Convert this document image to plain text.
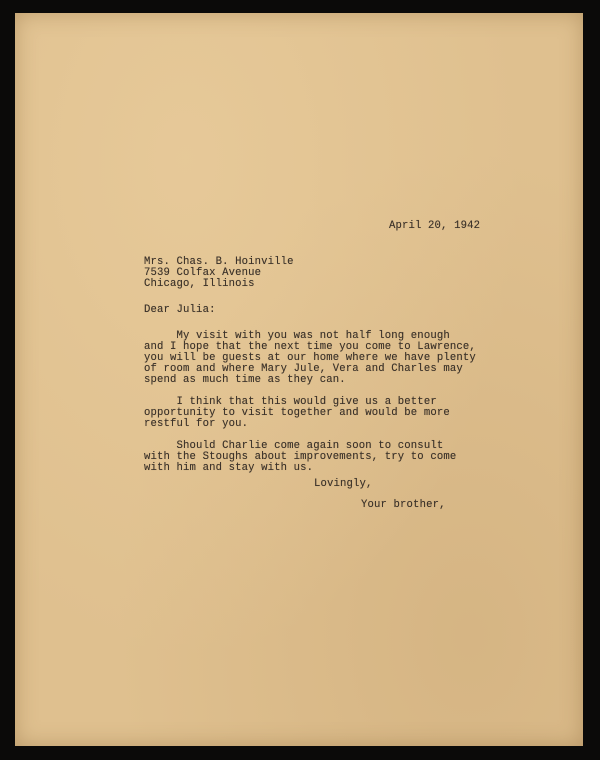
April 20, 1942
Mrs. Chas. B. Hoinville
7539 Colfax Avenue
Chicago, Illinois
Dear Julia:
My visit with you was not half long enough
and I hope that the next time you come to Lawrence,
you will be guests at our home where we have plenty
of room and where Mary Jule, Vera and Charles may
spend as much time as they can.
I think that this would give us a better
opportunity to visit together and would be more
restful for you.
Should Charlie come again soon to consult
with the Stoughs about improvements, try to come
with him and stay with us.
Lovingly,
Your brother,
